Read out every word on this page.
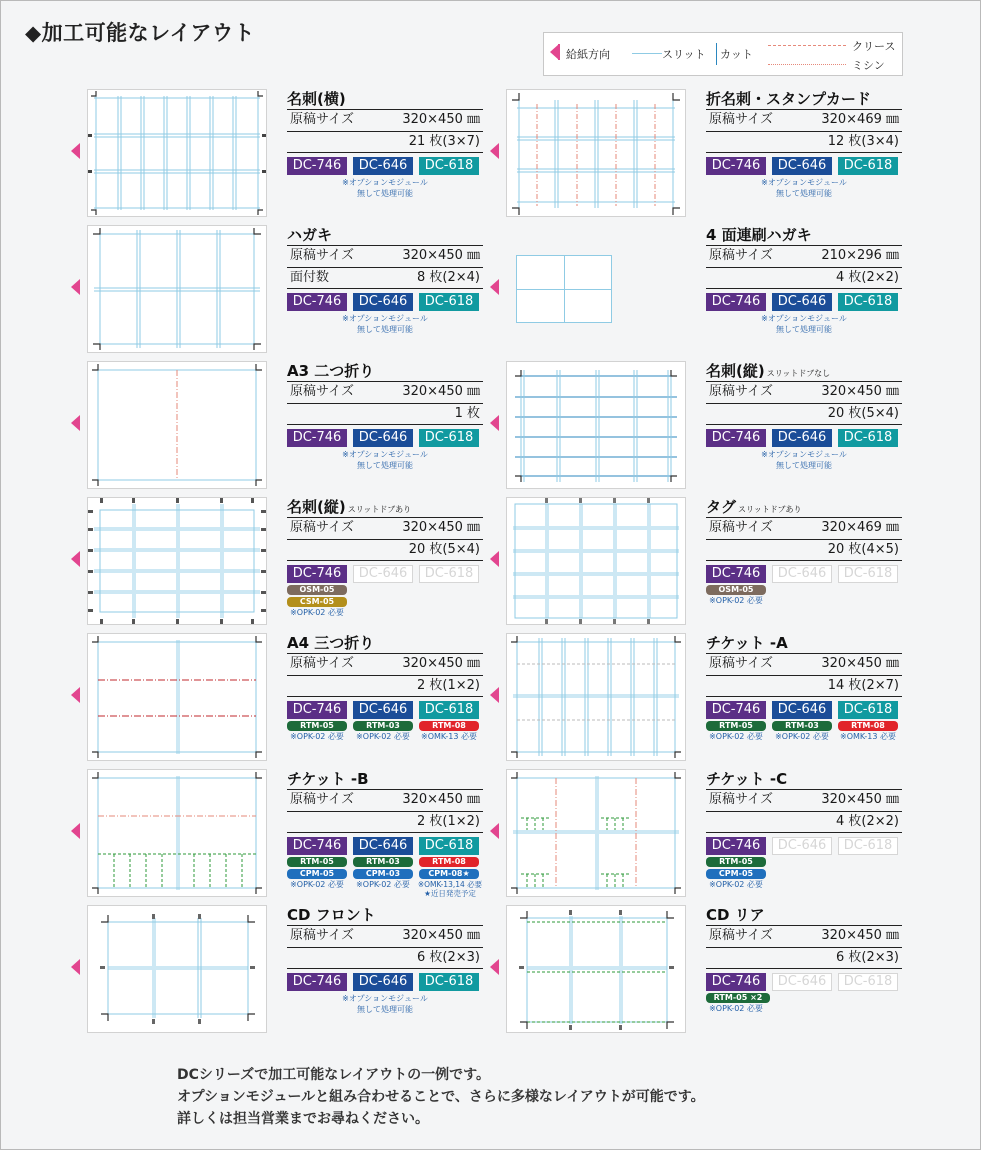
◆加工可能なレイアウト
給紙方向	スリット カット
クリース
ミシン
名刺(横)
原稿サイズ	320×450 ㎜
21 枚(3×7)
DC-746	DC-646	DC-618
※オプションモジュール
無して処理可能
折名刺・スタンプカード
原稿サイズ	320×469 ㎜
12 枚(3×4)
DC-746	DC-646	DC-618
※オプションモジュール
無して処理可能
ハガキ
原稿サイズ	320×450 ㎜
面付数	8 枚(2×4)
DC-746	DC-646	DC-618
※オプションモジュール
無して処理可能
4 面連刷ハガキ
原稿サイズ	210×296 ㎜
4 枚(2×2)
DC-746	DC-646	DC-618
※オプションモジュール
無して処理可能
A3 二つ折り
原稿サイズ	320×450 ㎜
1 枚
DC-746	DC-646	DC-618
※オプションモジュール
無して処理可能
名刺(縦) スリットドブなし
原稿サイズ	320×450 ㎜
20 枚(5×4)
DC-746	DC-646	DC-618
※オプションモジュール
無して処理可能
名刺(縦) スリットドブあり
原稿サイズ	320×450 ㎜
20 枚(5×4)
DC-746	DC-646	DC-618
OSM-05
CSM-05
※OPK-02 必要
タグ スリットドブあり
原稿サイズ	320×469 ㎜
20 枚(4×5)
DC-746	DC-646	DC-618
OSM-05
※OPK-02 必要
A4 三つ折り
原稿サイズ	320×450 ㎜
2 枚(1×2)
DC-746	DC-646	DC-618
RTM-05	RTM-03	RTM-08
※OPK-02 必要	※OPK-02 必要	※OMK-13 必要
チケット -A
原稿サイズ	320×450 ㎜
14 枚(2×7)
DC-746	DC-646	DC-618
RTM-05	RTM-03	RTM-08
※OPK-02 必要	※OPK-02 必要	※OMK-13 必要
チケット -B
原稿サイズ	320×450 ㎜
2 枚(1×2)
DC-746	DC-646	DC-618
RTM-05	RTM-03	RTM-08
CPM-05	CPM-03	CPM-08★
※OPK-02 必要	※OPK-02 必要	※OMK-13,14 必要
★近日発売予定
チケット -C
原稿サイズ	320×450 ㎜
4 枚(2×2)
DC-746	DC-646	DC-618
RTM-05
CPM-05
※OPK-02 必要
CD フロント
原稿サイズ	320×450 ㎜
6 枚(2×3)
DC-746	DC-646	DC-618
※オプションモジュール
無して処理可能
CD リア
原稿サイズ	320×450 ㎜
6 枚(2×3)
DC-746	DC-646	DC-618
RTM-05 ×2
※OPK-02 必要
DCシリーズで加工可能なレイアウトの一例です。
オプションモジュールと組み合わせることで、さらに多様なレイアウトが可能です。
詳しくは担当営業までお尋ねください。
